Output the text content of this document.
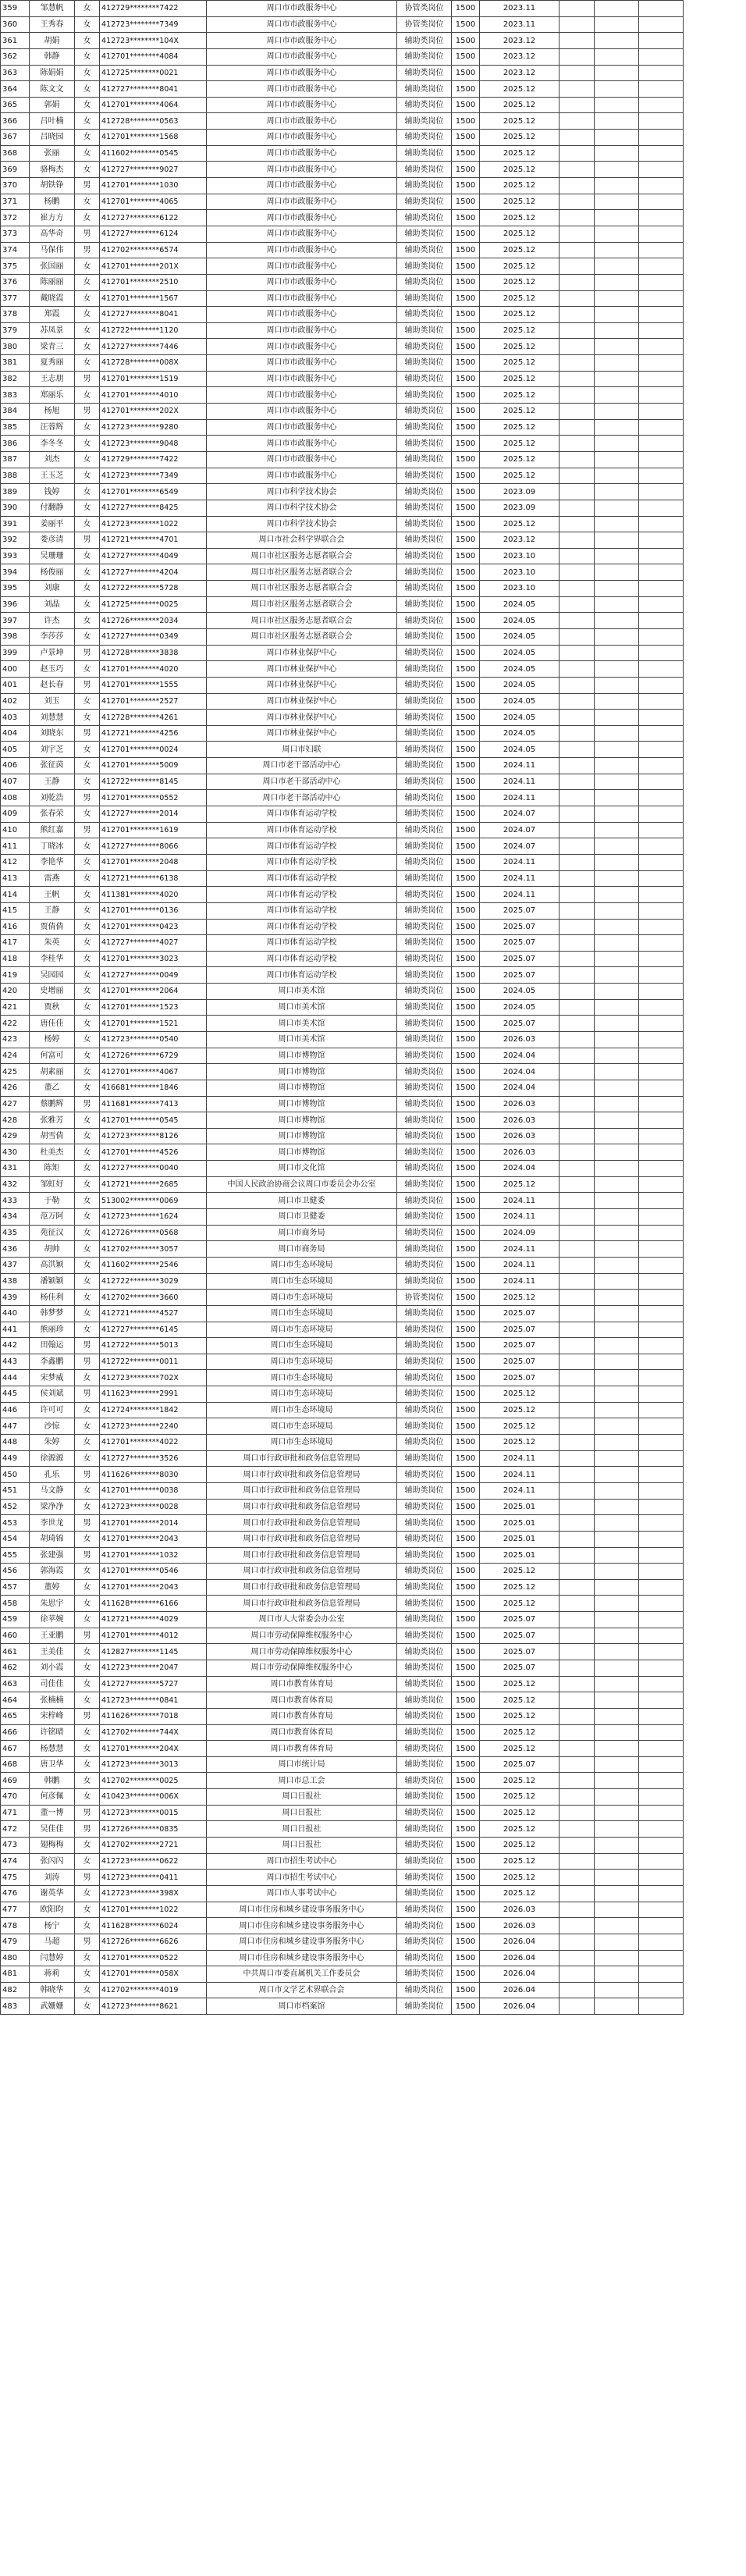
359	邹慧帆	女	412729********7422	周口市市政服务中心	协管类岗位	1500	2023.11			
360	王秀春	女	412723********7349	周口市市政服务中心	协管类岗位	1500	2023.11			
361	胡娟	女	412723********104X	周口市市政服务中心	辅助类岗位	1500	2023.12			
362	韩静	女	412701********4084	周口市市政服务中心	辅助类岗位	1500	2023.12			
363	陈娟娟	女	412725********0021	周口市市政服务中心	辅助类岗位	1500	2023.12			
364	陈文文	女	412727********8041	周口市市政服务中心	辅助类岗位	1500	2025.12			
365	郭娟	女	412701********4064	周口市市政服务中心	辅助类岗位	1500	2025.12			
366	吕叶楠	女	412728********0563	周口市市政服务中心	辅助类岗位	1500	2025.12			
367	吕晓园	女	412701********1568	周口市市政服务中心	辅助类岗位	1500	2025.12			
368	张丽	女	411602********0545	周口市市政服务中心	辅助类岗位	1500	2025.12			
369	骆梅杰	女	412727********9027	周口市市政服务中心	辅助类岗位	1500	2025.12			
370	胡铁铮	男	412701********1030	周口市市政服务中心	辅助类岗位	1500	2025.12			
371	杨鹏	女	412701********4065	周口市市政服务中心	辅助类岗位	1500	2025.12			
372	崔方方	女	412727********6122	周口市市政服务中心	辅助类岗位	1500	2025.12			
373	高华奇	男	412727********6124	周口市市政服务中心	辅助类岗位	1500	2025.12			
374	马保伟	男	412702********6574	周口市市政服务中心	辅助类岗位	1500	2025.12			
375	张国丽	女	412701********201X	周口市市政服务中心	辅助类岗位	1500	2025.12			
376	陈丽丽	女	412701********2510	周口市市政服务中心	辅助类岗位	1500	2025.12			
377	戴晓霞	女	412701********1567	周口市市政服务中心	辅助类岗位	1500	2025.12			
378	郑霞	女	412727********8041	周口市市政服务中心	辅助类岗位	1500	2025.12			
379	苏凤景	女	412722********1120	周口市市政服务中心	辅助类岗位	1500	2025.12			
380	梁青三	女	412727********7446	周口市市政服务中心	辅助类岗位	1500	2025.12			
381	夏秀丽	女	412728********008X	周口市市政服务中心	辅助类岗位	1500	2025.12			
382	王志朋	男	412701********1519	周口市市政服务中心	辅助类岗位	1500	2025.12			
383	郑丽乐	女	412701********4010	周口市市政服务中心	辅助类岗位	1500	2025.12			
384	杨旭	男	412701********202X	周口市市政服务中心	辅助类岗位	1500	2025.12			
385	汪蓉辉	女	412723********9280	周口市市政服务中心	辅助类岗位	1500	2025.12			
386	李冬冬	女	412723********9048	周口市市政服务中心	辅助类岗位	1500	2025.12			
387	刘杰	女	412729********7422	周口市市政服务中心	辅助类岗位	1500	2025.12			
388	王玉芝	女	412723********7349	周口市市政服务中心	辅助类岗位	1500	2025.12			
389	钱婷	女	412701********6549	周口市科学技术协会	辅助类岗位	1500	2023.09			
390	付翻静	女	412727********8425	周口市科学技术协会	辅助类岗位	1500	2023.09			
391	姜丽平	女	412723********1022	周口市科学技术协会	辅助类岗位	1500	2025.12			
392	娄彦清	男	412721********4701	周口市社会科学界联合会	辅助类岗位	1500	2023.12			
393	吴珊珊	女	412727********4049	周口市社区服务志愿者联合会	辅助类岗位	1500	2023.10			
394	杨俊丽	女	412727********4204	周口市社区服务志愿者联合会	辅助类岗位	1500	2023.10			
395	刘康	女	412722********5728	周口市社区服务志愿者联合会	辅助类岗位	1500	2023.10			
396	刘晶	女	412725********0025	周口市社区服务志愿者联合会	辅助类岗位	1500	2024.05			
397	许杰	女	412726********2034	周口市社区服务志愿者联合会	辅助类岗位	1500	2024.05			
398	李莎莎	女	412727********0349	周口市社区服务志愿者联合会	辅助类岗位	1500	2024.05			
399	卢景坤	男	412728********3838	周口市林业保护中心	辅助类岗位	1500	2024.05			
400	赵玉巧	女	412701********4020	周口市林业保护中心	辅助类岗位	1500	2024.05			
401	赵长春	男	412701********1555	周口市林业保护中心	辅助类岗位	1500	2024.05			
402	刘玉	女	412701********2527	周口市林业保护中心	辅助类岗位	1500	2024.05			
403	刘慧慧	女	412728********4261	周口市林业保护中心	辅助类岗位	1500	2024.05			
404	刘晓东	男	412721********4256	周口市林业保护中心	辅助类岗位	1500	2024.05			
405	刘宇芝	女	412701********0024	周口市妇联	辅助类岗位	1500	2024.05			
406	张征茵	女	412701********5009	周口市老干部活动中心	辅助类岗位	1500	2024.11			
407	王静	女	412722********8145	周口市老干部活动中心	辅助类岗位	1500	2024.11			
408	刘乾浩	男	412701********0552	周口市老干部活动中心	辅助类岗位	1500	2024.11			
409	张春荣	女	412727********2014	周口市体育运动学校	辅助类岗位	1500	2024.07			
410	熊红嘉	男	412701********1619	周口市体育运动学校	辅助类岗位	1500	2024.07			
411	丁晓冰	女	412727********8066	周口市体育运动学校	辅助类岗位	1500	2024.07			
412	李艳华	女	412701********2048	周口市体育运动学校	辅助类岗位	1500	2024.11			
413	雷燕	女	412721********6138	周口市体育运动学校	辅助类岗位	1500	2024.11			
414	王帆	女	411381********4020	周口市体育运动学校	辅助类岗位	1500	2024.11			
415	王静	女	412701********0136	周口市体育运动学校	辅助类岗位	1500	2025.07			
416	贾倩倩	女	412701********0423	周口市体育运动学校	辅助类岗位	1500	2025.07			
417	朱英	女	412727********4027	周口市体育运动学校	辅助类岗位	1500	2025.07			
418	李桂华	女	412701********3023	周口市体育运动学校	辅助类岗位	1500	2025.07			
419	吴园园	女	412727********0049	周口市体育运动学校	辅助类岗位	1500	2025.07			
420	史增丽	女	412701********2064	周口市美术馆	辅助类岗位	1500	2024.05			
421	贾秋	女	412701********1523	周口市美术馆	辅助类岗位	1500	2024.05			
422	唐佳佳	女	412701********1521	周口市美术馆	辅助类岗位	1500	2025.07			
423	杨婷	女	412723********0540	周口市美术馆	辅助类岗位	1500	2026.03			
424	何富可	女	412726********6729	周口市博物馆	辅助类岗位	1500	2024.04			
425	胡素丽	女	412701********4067	周口市博物馆	辅助类岗位	1500	2024.04			
426	董乙	女	416681********1846	周口市博物馆	辅助类岗位	1500	2024.04			
427	蔡鹏辉	男	411681********7413	周口市博物馆	辅助类岗位	1500	2026.03			
428	张雅芳	女	412701********0545	周口市博物馆	辅助类岗位	1500	2026.03			
429	胡雪倩	女	412723********8126	周口市博物馆	辅助类岗位	1500	2026.03			
430	杜美杰	女	412701********4526	周口市博物馆	辅助类岗位	1500	2026.03			
431	陈矩	女	412727********0040	周口市文化馆	辅助类岗位	1500	2024.04			
432	邹虹好	女	412721********2685	中国人民政治协商会议周口市委员会办公室	辅助类岗位	1500	2025.12			
433	于勒	女	513002********0069	周口市卫健委	辅助类岗位	1500	2024.11			
434	范万阿	女	412723********1624	周口市卫健委	辅助类岗位	1500	2024.11			
435	苑征汉	女	412726********0568	周口市商务局	辅助类岗位	1500	2024.09			
436	胡帅	女	412702********3057	周口市商务局	辅助类岗位	1500	2024.11			
437	高洪颖	女	411602********2546	周口市生态环境局	辅助类岗位	1500	2024.11			
438	潘颖颖	女	412722********3029	周口市生态环境局	辅助类岗位	1500	2024.11			
439	杨佳利	女	412702********3660	周口市生态环境局	协管类岗位	1500	2025.12			
440	韩梦梦	女	412721********4527	周口市生态环境局	辅助类岗位	1500	2025.07			
441	熊丽珍	女	412727********6145	周口市生态环境局	辅助类岗位	1500	2025.07			
442	田翰运	男	412722********5013	周口市生态环境局	辅助类岗位	1500	2025.07			
443	李鑫鹏	男	412722********0011	周口市生态环境局	辅助类岗位	1500	2025.07			
444	宋梦威	女	412723********702X	周口市生态环境局	辅助类岗位	1500	2025.07			
445	侯刘斌	男	411623********2991	周口市生态环境局	辅助类岗位	1500	2025.12			
446	许可可	女	412724********1842	周口市生态环境局	辅助类岗位	1500	2025.12			
447	沙惊	女	412723********2240	周口市生态环境局	辅助类岗位	1500	2025.12			
448	朱婷	女	412701********4022	周口市生态环境局	辅助类岗位	1500	2025.12			
449	徐源源	女	412727********3526	周口市行政审批和政务信息管理局	辅助类岗位	1500	2024.11			
450	孔乐	男	411626********8030	周口市行政审批和政务信息管理局	辅助类岗位	1500	2024.11			
451	马文静	女	412701********0038	周口市行政审批和政务信息管理局	辅助类岗位	1500	2024.11			
452	梁净净	女	412723********0028	周口市行政审批和政务信息管理局	辅助类岗位	1500	2025.01			
453	李世龙	男	412701********2014	周口市行政审批和政务信息管理局	辅助类岗位	1500	2025.01			
454	胡琦锦	女	412701********2043	周口市行政审批和政务信息管理局	辅助类岗位	1500	2025.01			
455	张建强	男	412701********1032	周口市行政审批和政务信息管理局	辅助类岗位	1500	2025.01			
456	郭海霞	女	412701********0546	周口市行政审批和政务信息管理局	辅助类岗位	1500	2025.12			
457	董婷	女	412701********2043	周口市行政审批和政务信息管理局	辅助类岗位	1500	2025.12			
458	朱思宇	女	411628********6166	周口市行政审批和政务信息管理局	辅助类岗位	1500	2025.12			
459	徐苹婉	女	412721********4029	周口市人大常委会办公室	辅助类岗位	1500	2025.07			
460	王亚鹏	男	412701********4012	周口市劳动保障维权服务中心	辅助类岗位	1500	2025.07			
461	王美佳	女	412827********1145	周口市劳动保障维权服务中心	辅助类岗位	1500	2025.07			
462	刘小霞	女	412723********2047	周口市劳动保障维权服务中心	辅助类岗位	1500	2025.07			
463	司佳佳	女	412727********5727	周口市教育体育局	辅助类岗位	1500	2025.12			
464	张楠楠	女	412723********0841	周口市教育体育局	辅助类岗位	1500	2025.12			
465	宋梓峰	男	411626********7018	周口市教育体育局	辅助类岗位	1500	2025.12			
466	许铭晴	女	412702********744X	周口市教育体育局	辅助类岗位	1500	2025.12			
467	杨慧慧	女	412701********204X	周口市教育体育局	辅助类岗位	1500	2025.12			
468	唐卫华	女	412723********3013	周口市统计局	辅助类岗位	1500	2025.07			
469	韩鹏	女	412702********0025	周口市总工会	辅助类岗位	1500	2025.12			
470	何彦佩	女	410423********006X	周口日报社	辅助类岗位	1500	2025.12			
471	董一博	男	412723********0015	周口日报社	辅助类岗位	1500	2025.12			
472	吴佳佳	男	412726********0835	周口日报社	辅助类岗位	1500	2025.12			
473	翅梅梅	女	412702********2721	周口日报社	辅助类岗位	1500	2025.12			
474	张闪闪	女	412723********0622	周口市招生考试中心	辅助类岗位	1500	2025.12			
475	刘涛	男	412723********0411	周口市招生考试中心	辅助类岗位	1500	2025.12			
476	谢英华	女	412723********398X	周口市人事考试中心	辅助类岗位	1500	2025.12			
477	欧阳昀	女	412701********1022	周口市住房和城乡建设事务服务中心	辅助类岗位	1500	2026.03			
478	杨宁	女	411628********6024	周口市住房和城乡建设事务服务中心	辅助类岗位	1500	2026.03			
479	马超	男	412726********6626	周口市住房和城乡建设事务服务中心	辅助类岗位	1500	2026.04			
480	闫慧婷	女	412701********0522	周口市住房和城乡建设事务服务中心	辅助类岗位	1500	2026.04			
481	蒋莉	女	412701********058X	中共周口市委直属机关工作委员会	辅助类岗位	1500	2026.04			
482	韩晓华	女	412702********4019	周口市文学艺术界联合会	辅助类岗位	1500	2026.04			
483	武姗姗	女	412723********8621	周口市档案馆	辅助类岗位	1500	2026.04			
